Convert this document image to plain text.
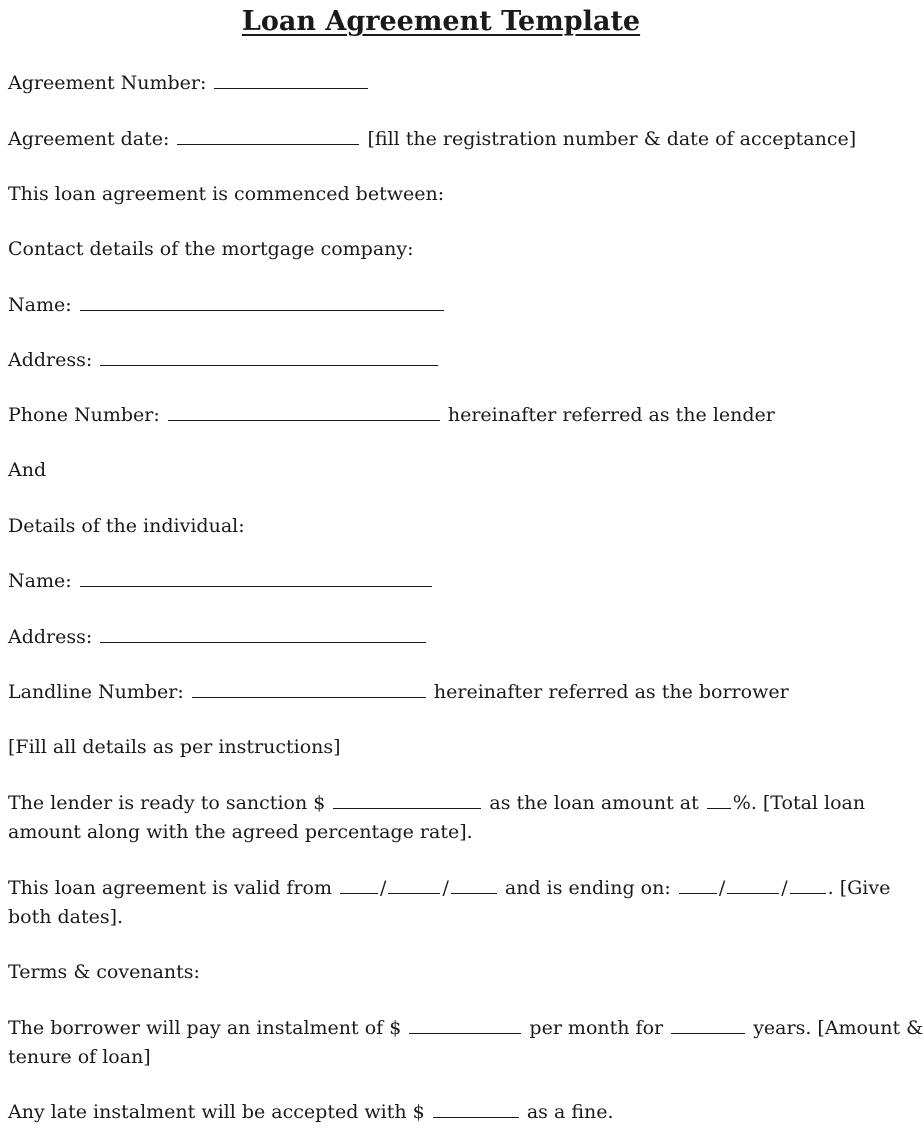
Loan Agreement Template

Agreement Number:

Agreement date:	[fill the registration number & date of acceptance]

This loan agreement is commenced between:

Contact details of the mortgage company:

Name:

Address:

Phone Number:	hereinafter referred as the lender

And

Details of the individual:

Name:

Address:

Landline Number:	hereinafter referred as the borrower

[Fill all details as per instructions]

The lender is ready to sanction $	as the loan amount at %. [Total loan

amount along with the agreed percentage rate].

This loan agreement is valid from	/	/	and is ending on:	/	/ . [Give

both dates].

Terms & covenants:

The borrower will pay an instalment of $	per month for	years. [Amount &

tenure of loan]

Any late instalment will be accepted with $	as a fine.
